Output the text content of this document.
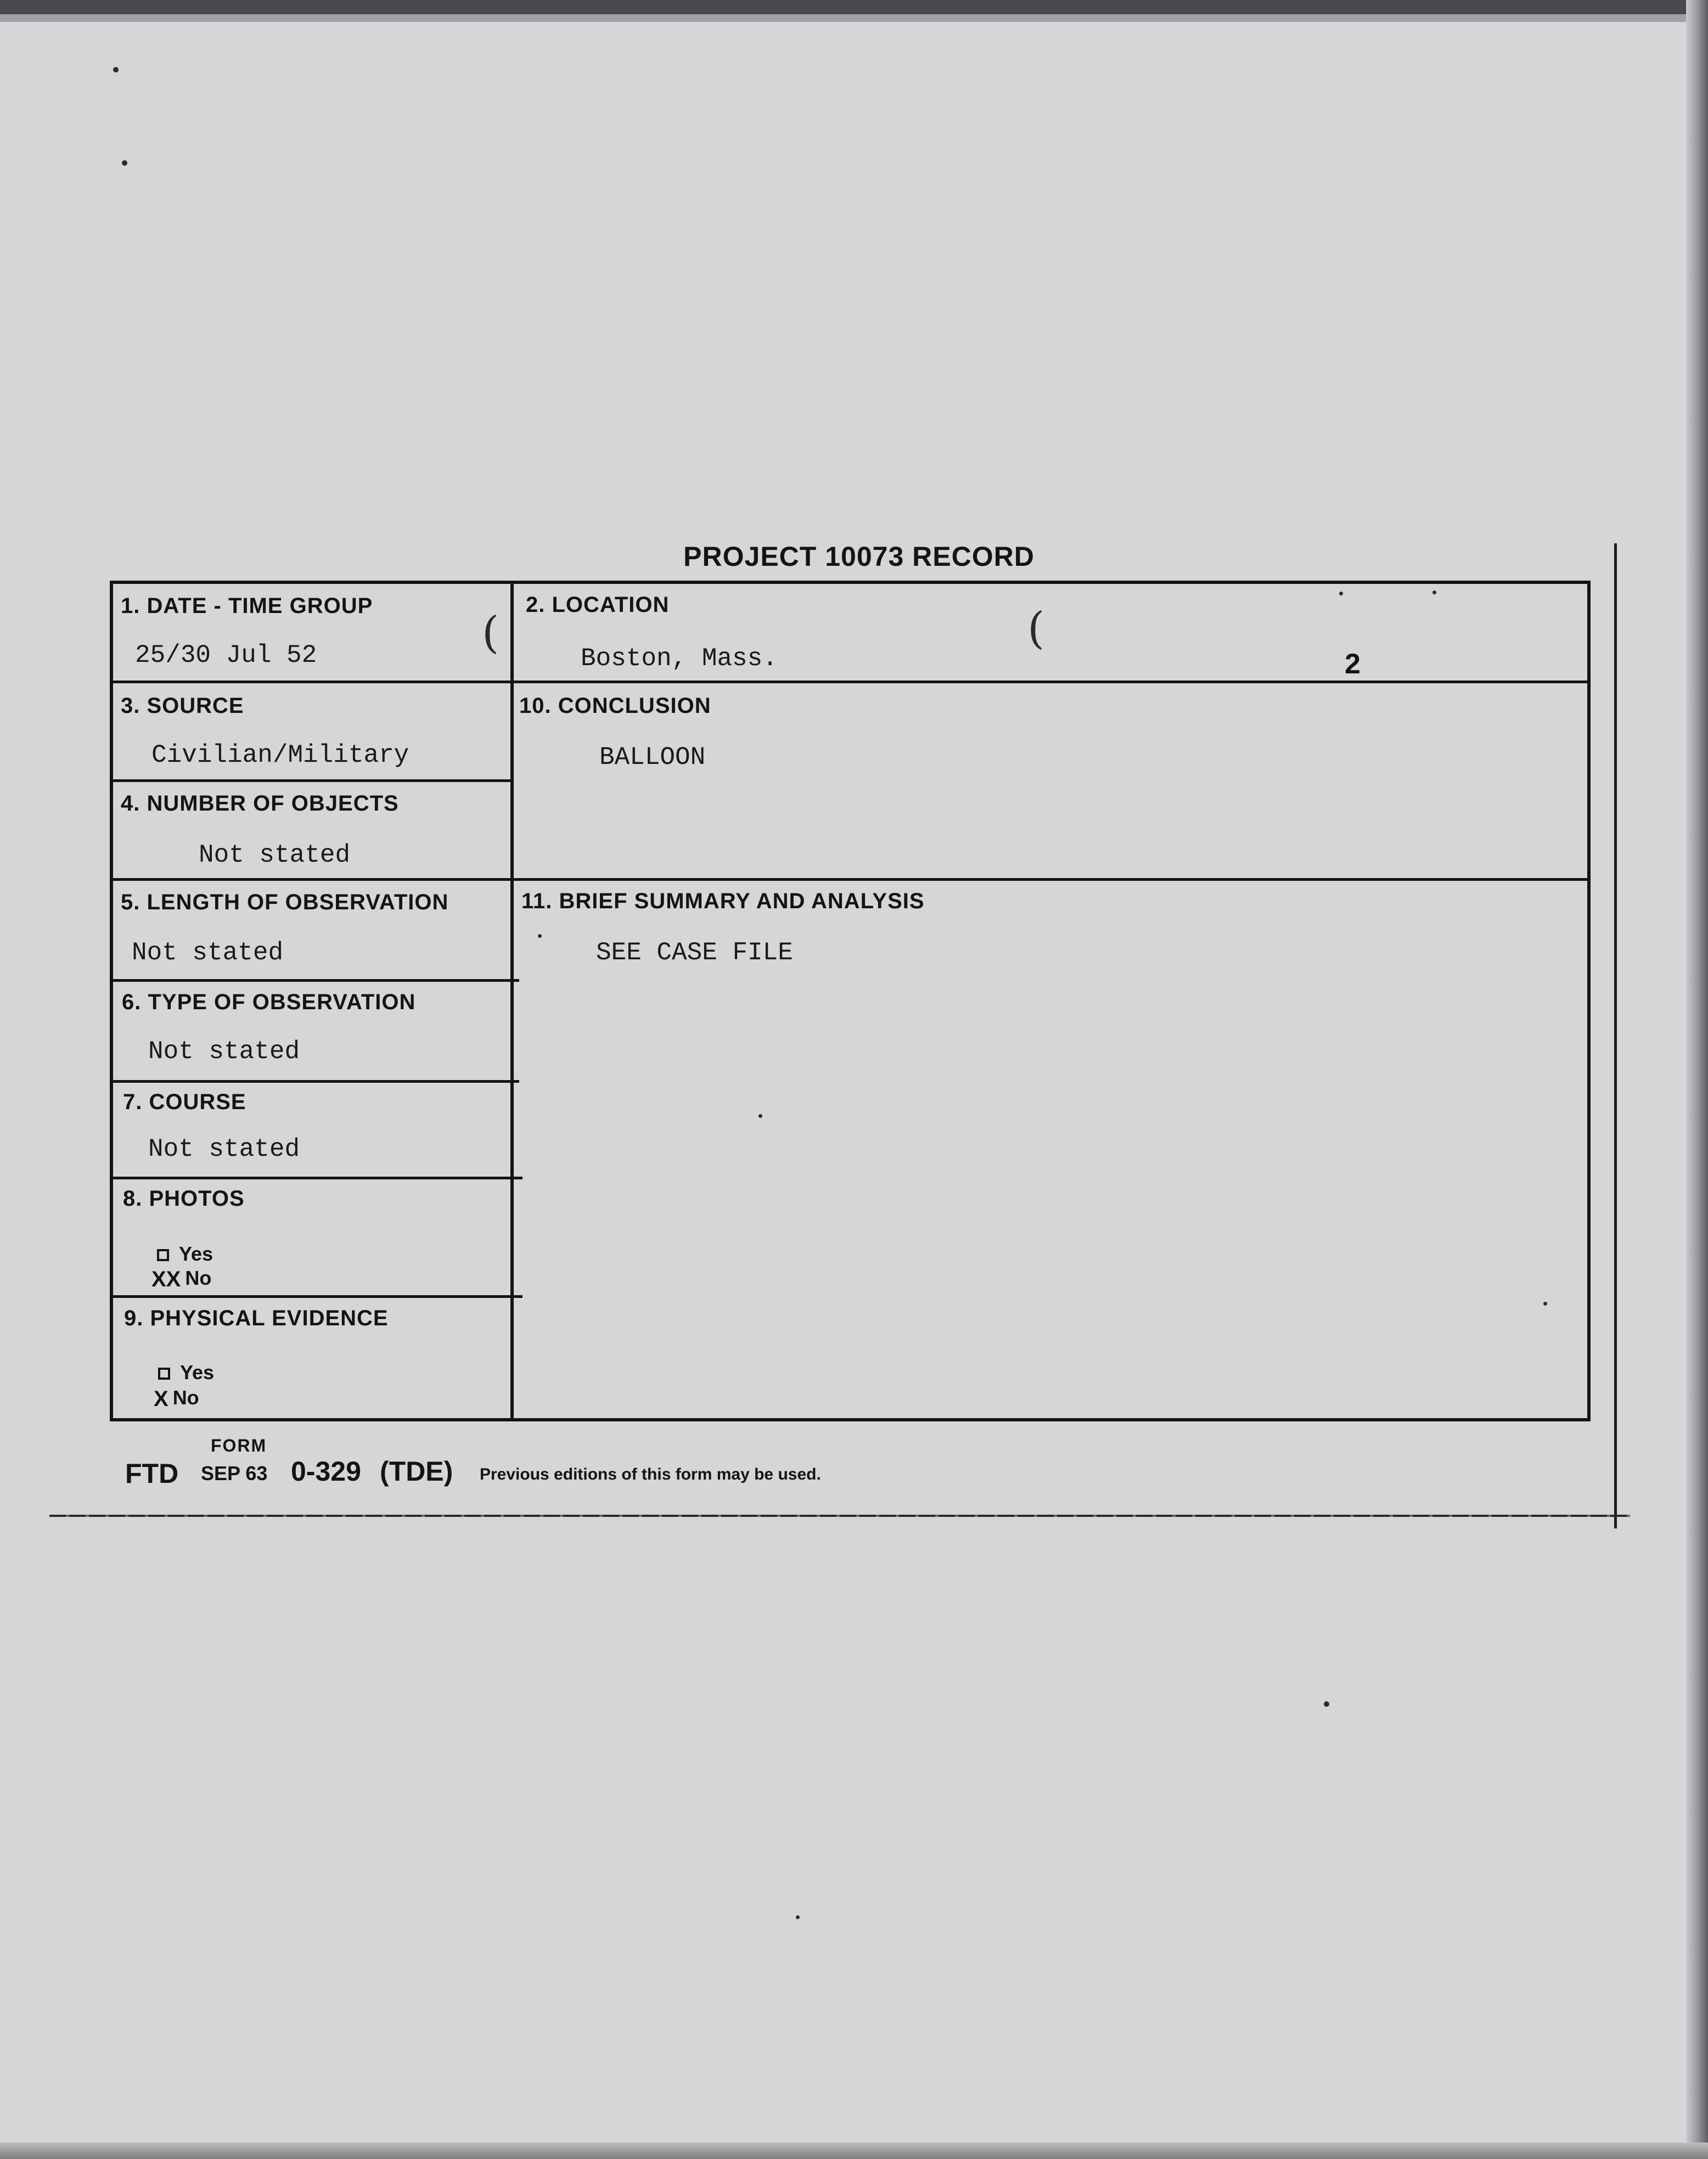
PROJECT 10073 RECORD
1. DATE - TIME GROUP
25/30 Jul 52
2. LOCATION
Boston, Mass.
3. SOURCE
Civilian/Military
4. NUMBER OF OBJECTS
Not stated
5. LENGTH OF OBSERVATION
Not stated
6. TYPE OF OBSERVATION
Not stated
7. COURSE
Not stated
8. PHOTOS
Yes
XX No
9. PHYSICAL EVIDENCE
Yes
X No
10. CONCLUSION
BALLOON
11. BRIEF SUMMARY AND ANALYSIS
SEE CASE FILE
(	(
2
FORM
FTD SEP 63 0-329 (TDE) Previous editions of this form may be used.
